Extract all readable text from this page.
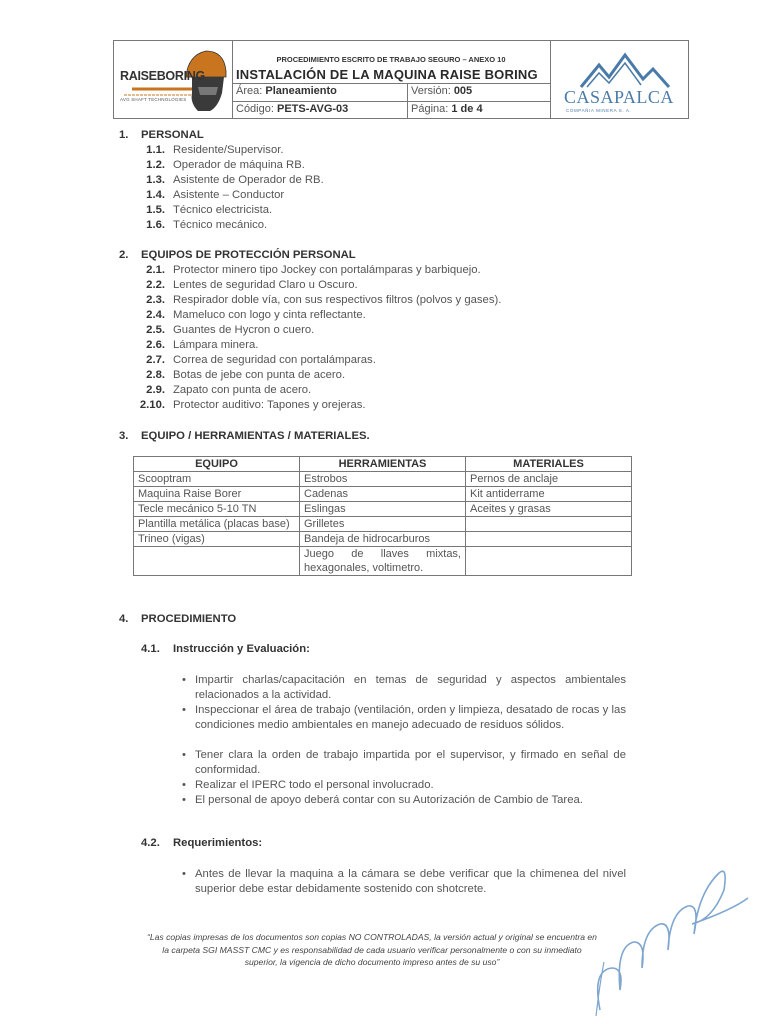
RAISEBORING
AVG SHAFT TECHNOLOGIES
PROCEDIMIENTO ESCRITO DE TRABAJO SEGURO – ANEXO 10
INSTALACIÓN DE LA MAQUINA RAISE BORING
Área: Planeamiento	Versión: 005
Código: PETS-AVG-03	Página: 1 de 4
CASAPALCA
COMPAÑIA MINERA S. A.
1. PERSONAL
1.1. Residente/Supervisor.
1.2. Operador de máquina RB.
1.3. Asistente de Operador de RB.
1.4. Asistente – Conductor
1.5. Técnico electricista.
1.6. Técnico mecánico.
2. EQUIPOS DE PROTECCIÓN PERSONAL
2.1. Protector minero tipo Jockey con portalámparas y barbiquejo.
2.2. Lentes de seguridad Claro u Oscuro.
2.3. Respirador doble vía, con sus respectivos filtros (polvos y gases).
2.4. Mameluco con logo y cinta reflectante.
2.5. Guantes de Hycron o cuero.
2.6. Lámpara minera.
2.7. Correa de seguridad con portalámparas.
2.8. Botas de jebe con punta de acero.
2.9. Zapato con punta de acero.
2.10. Protector auditivo: Tapones y orejeras.
3. EQUIPO / HERRAMIENTAS / MATERIALES.
EQUIPO	HERRAMIENTAS	MATERIALES
Scooptram	Estrobos	Pernos de anclaje
Maquina Raise Borer	Cadenas	Kit antiderrame
Tecle mecánico 5-10 TN	Eslingas	Aceites y grasas
Plantilla metálica (placas base)	Grilletes	
Trineo (vigas)	Bandeja de hidrocarburos	
	Juego de llaves mixtas, hexagonales, voltimetro.	
4. PROCEDIMIENTO
4.1. Instrucción y Evaluación:
• Impartir charlas/capacitación en temas de seguridad y aspectos ambientales relacionados a la actividad.
• Inspeccionar el área de trabajo (ventilación, orden y limpieza, desatado de rocas y las condiciones medio ambientales en manejo adecuado de residuos sólidos.
• Tener clara la orden de trabajo impartida por el supervisor, y firmado en señal de conformidad.
• Realizar el IPERC todo el personal involucrado.
• El personal de apoyo deberá contar con su Autorización de Cambio de Tarea.
4.2. Requerimientos:
• Antes de llevar la maquina a la cámara se debe verificar que la chimenea del nivel superior debe estar debidamente sostenido con shotcrete.
“Las copias impresas de los documentos son copias NO CONTROLADAS, la versión actual y original se encuentra en
la carpeta SGI MASST CMC y es responsabilidad de cada usuario verificar personalmente o con su inmediato
superior, la vigencia de dicho documento impreso antes de su uso”
